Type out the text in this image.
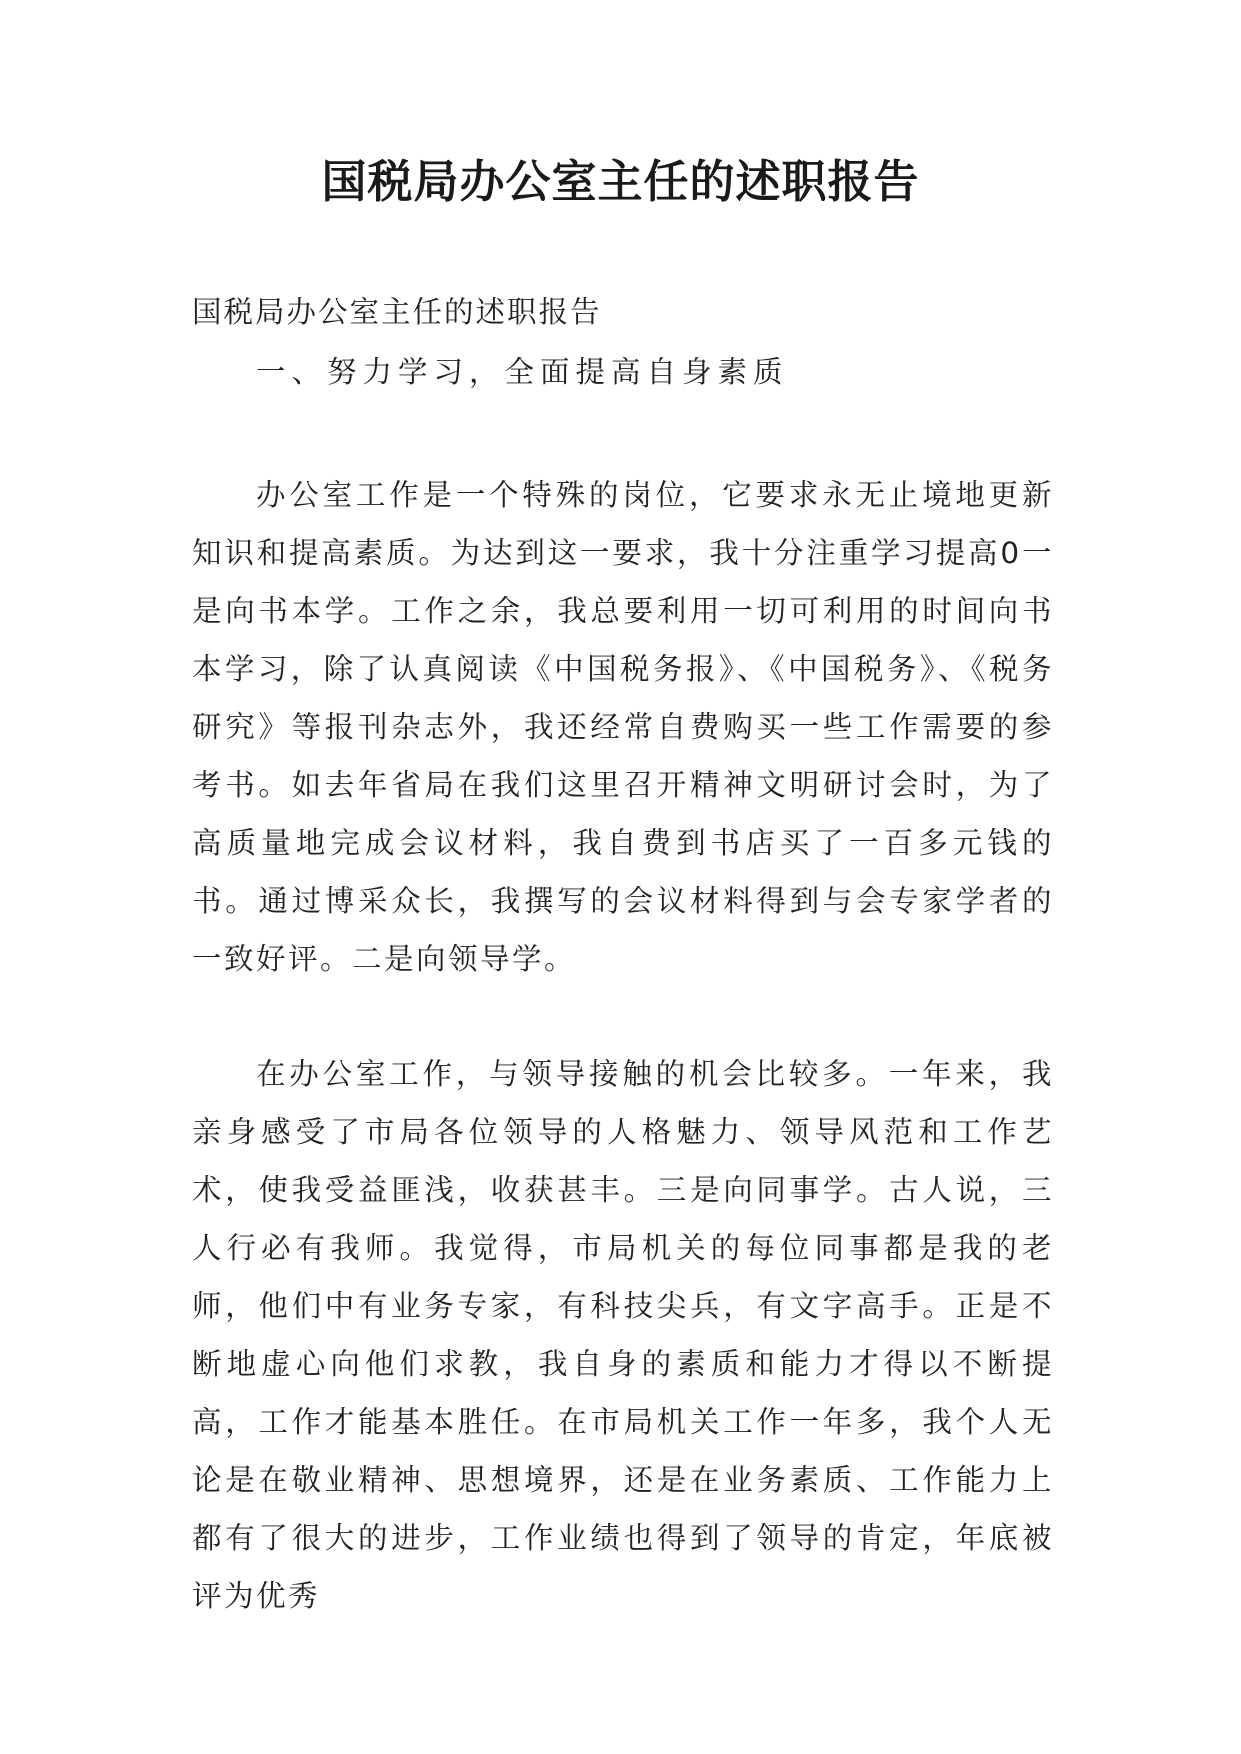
国税局办公室主任的述职报告
国税局办公室主任的述职报告
一、努力学习，全面提高自身素质

办公室工作是一个特殊的岗位，它要求永无止境地更新知识和提高素质。为达到这一要求，我十分注重学习提高0一是向书本学。工作之余，我总要利用一切可利用的时间向书本学习，除了认真阅读《中国税务报》、《中国税务》、《税务研究》等报刊杂志外，我还经常自费购买一些工作需要的参考书。如去年省局在我们这里召开精神文明研讨会时，为了高质量地完成会议材料，我自费到书店买了一百多元钱的书。通过博采众长，我撰写的会议材料得到与会专家学者的一致好评。二是向领导学。

在办公室工作，与领导接触的机会比较多。一年来，我亲身感受了市局各位领导的人格魅力、领导风范和工作艺术，使我受益匪浅，收获甚丰。三是向同事学。古人说，三人行必有我师。我觉得，市局机关的每位同事都是我的老师，他们中有业务专家，有科技尖兵，有文字高手。正是不断地虚心向他们求教，我自身的素质和能力才得以不断提高，工作才能基本胜任。在市局机关工作一年多，我个人无论是在敬业精神、思想境界，还是在业务素质、工作能力上都有了很大的进步，工作业绩也得到了领导的肯定，年底被评为优秀
